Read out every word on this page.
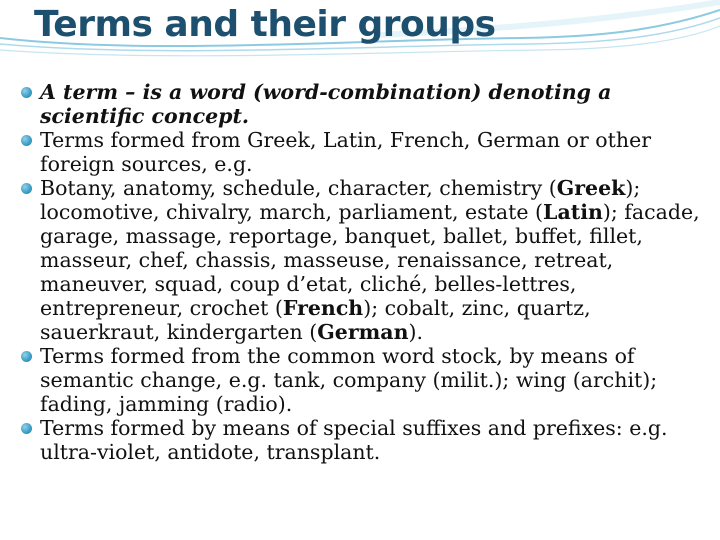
Terms and their groups
A term – is a word (word-combination) denoting a scientific concept.
Terms formed from Greek, Latin, French, German or other foreign sources, e.g.
Botany, anatomy, schedule, character, chemistry (Greek); locomotive, chivalry, march, parliament, estate (Latin); facade, garage, massage, reportage, banquet, ballet, buffet, fillet, masseur, chef, chassis, masseuse, renaissance, retreat, maneuver, squad, coup d’etat, cliché, belles-lettres, entrepreneur, crochet (French); cobalt, zinc, quartz, sauerkraut, kindergarten (German).
Terms formed from the common word stock, by means of semantic change, e.g. tank, company (milit.); wing (archit); fading, jamming (radio).
Terms formed by means of special suffixes and prefixes: e.g. ultra-violet, antidote, transplant.
